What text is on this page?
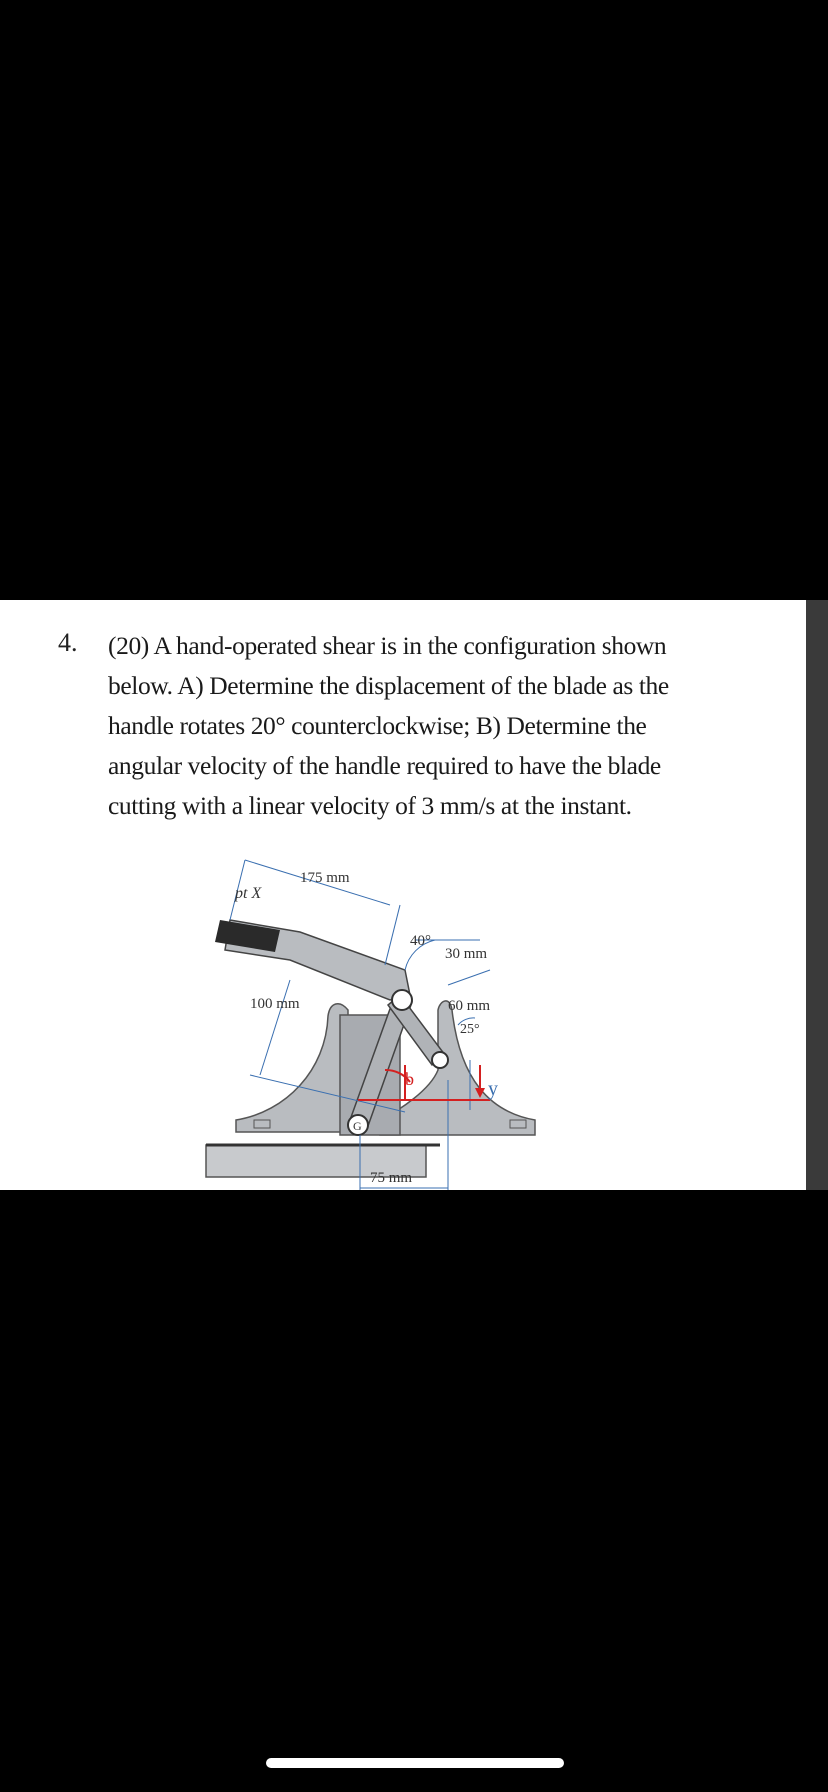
4. (20) A hand-operated shear is in the configuration shown
below. A) Determine the displacement of the blade as the
handle rotates 20° counterclockwise; B) Determine the
angular velocity of the handle required to have the blade
cutting with a linear velocity of 3 mm/s at the instant.

G
pt X
175 mm
100 mm
40°
30 mm
60 mm
25°
b	y
75 mm
